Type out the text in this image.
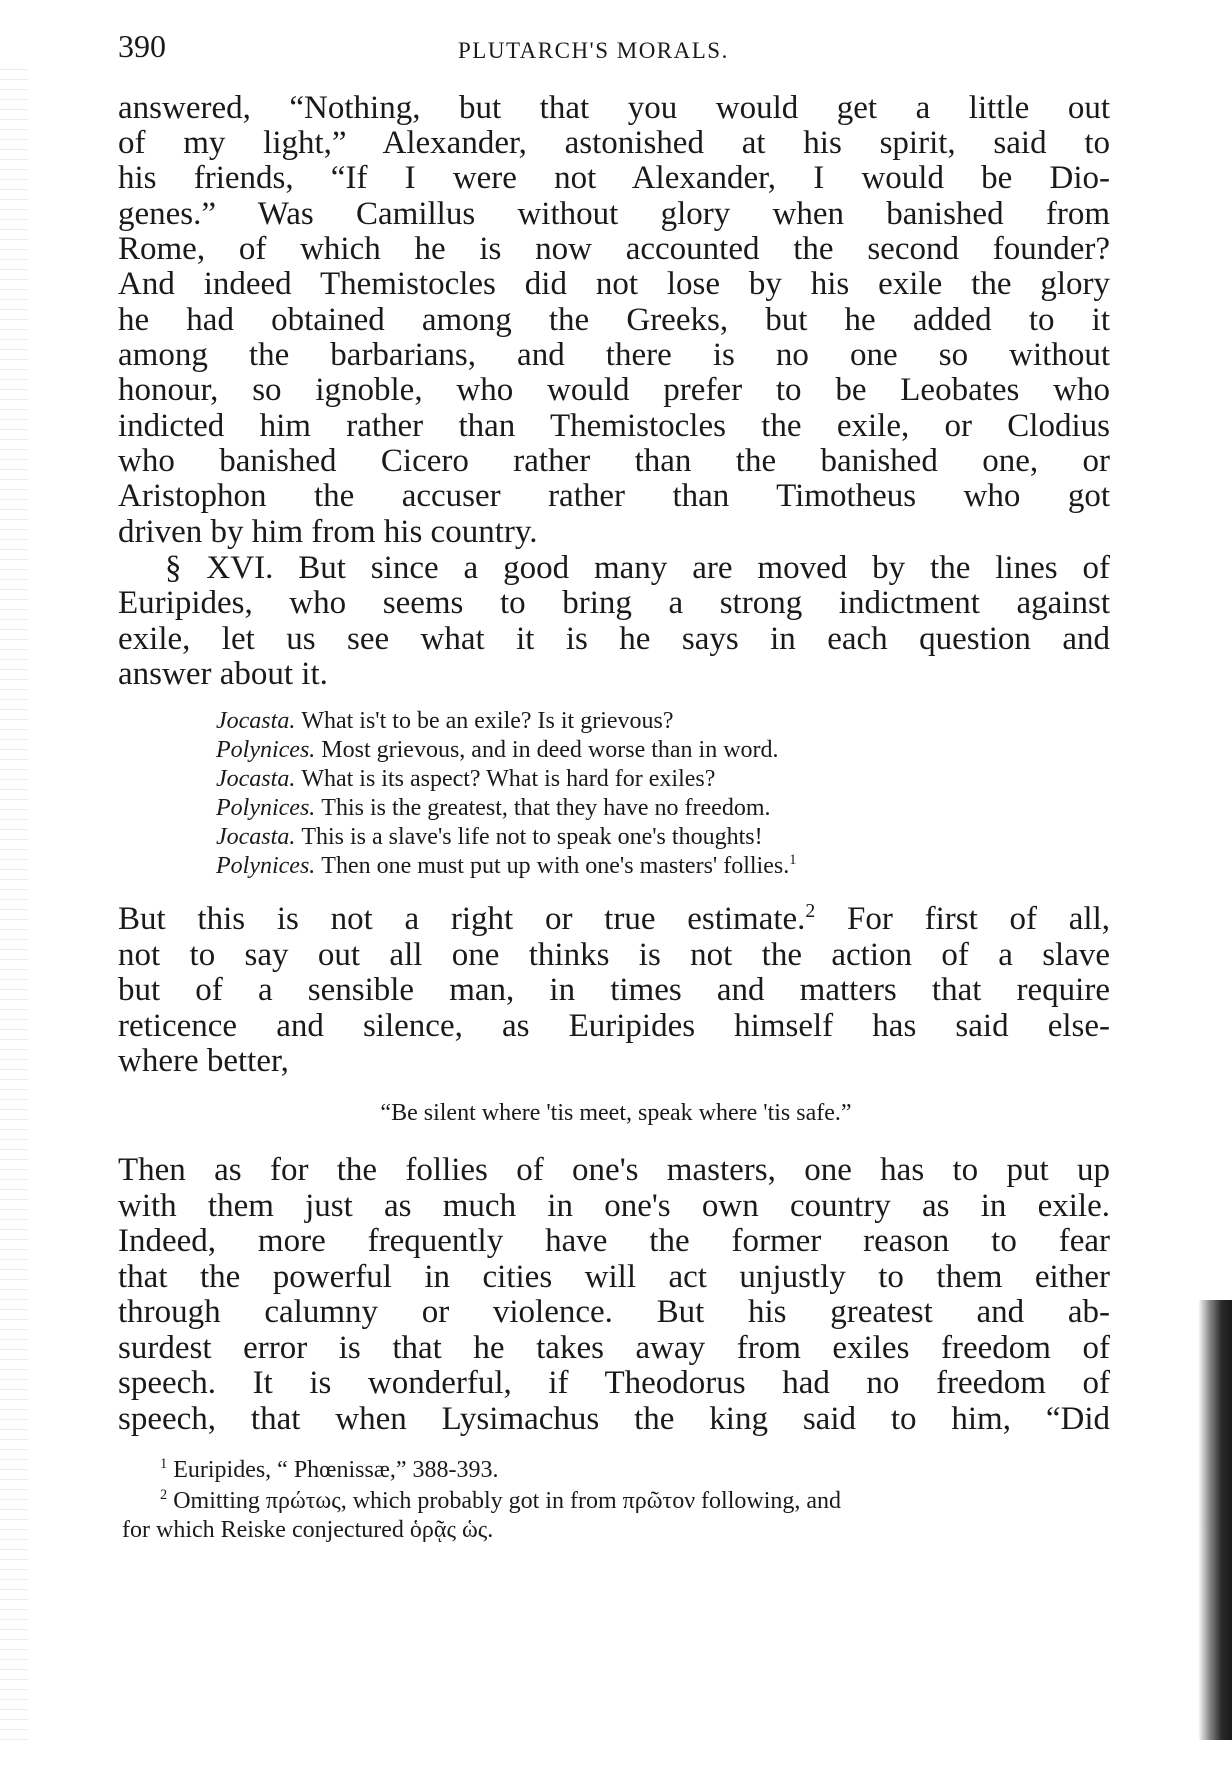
390	PLUTARCH'S MORALS.
answered, “Nothing, but that you would get a little out
of my light,” Alexander, astonished at his spirit, said to
his friends, “If I were not Alexander, I would be Dio-
genes.” Was Camillus without glory when banished from
Rome, of which he is now accounted the second founder?
And indeed Themistocles did not lose by his exile the glory
he had obtained among the Greeks, but he added to it
among the barbarians, and there is no one so without
honour, so ignoble, who would prefer to be Leobates who
indicted him rather than Themistocles the exile, or Clodius
who banished Cicero rather than the banished one, or
Aristophon the accuser rather than Timotheus who got
driven by him from his country.
§ XVI. But since a good many are moved by the lines of
Euripides, who seems to bring a strong indictment against
exile, let us see what it is he says in each question and
answer about it.
Jocasta. What is't to be an exile? Is it grievous?
Polynices. Most grievous, and in deed worse than in word.
Jocasta. What is its aspect? What is hard for exiles?
Polynices. This is the greatest, that they have no freedom.
Jocasta. This is a slave's life not to speak one's thoughts!
Polynices. Then one must put up with one's masters' follies.$^1$
But this is not a right or true estimate.$^2$ For first of all,
not to say out all one thinks is not the action of a slave
but of a sensible man, in times and matters that require
reticence and silence, as Euripides himself has said else-
where better,
“Be silent where 'tis meet, speak where 'tis safe.”
Then as for the follies of one's masters, one has to put up
with them just as much in one's own country as in exile.
Indeed, more frequently have the former reason to fear
that the powerful in cities will act unjustly to them either
through calumny or violence. But his greatest and ab-
surdest error is that he takes away from exiles freedom of
speech. It is wonderful, if Theodorus had no freedom of
speech, that when Lysimachus the king said to him, “Did
$^1$ Euripides, “ Phœnissæ,” 388-393.
$^2$ Omitting πρώτως, which probably got in from πρῶτον following, and
for which Reiske conjectured ὁρᾷς ὡς.
